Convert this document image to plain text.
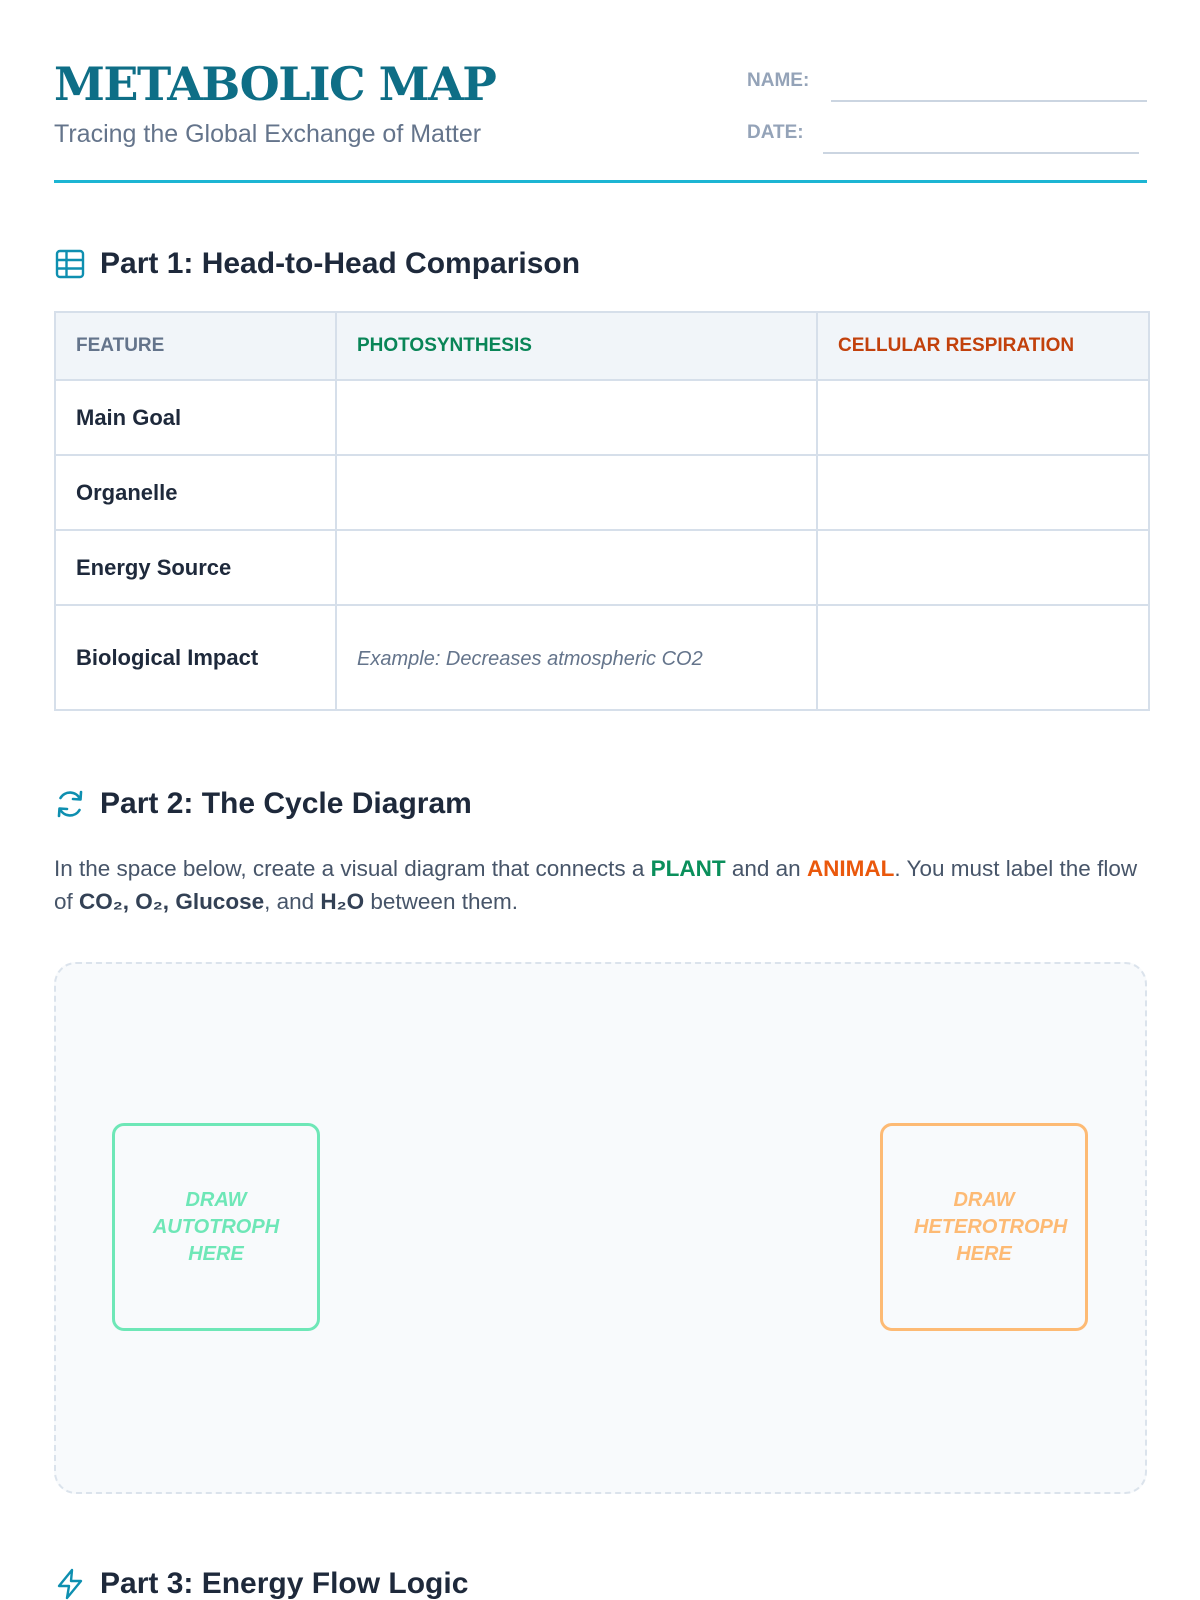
METABOLIC MAP

Tracing the Global Exchange of Matter

NAME:
DATE:
Part 1: Head-to-Head Comparison
FEATURE	PHOTOSYNTHESIS	CELLULAR RESPIRATION
Main Goal		
Organelle		
Energy Source		
Biological Impact	Example: Decreases atmospheric CO2	
Part 2: The Cycle Diagram

In the space below, create a visual diagram that connects a PLANT and an ANIMAL. You must label the flow of CO₂, O₂, Glucose, and H₂O between them.

DRAW AUTOTROPH HERE
DRAW HETEROTROPH HERE
Part 3: Energy Flow Logic
